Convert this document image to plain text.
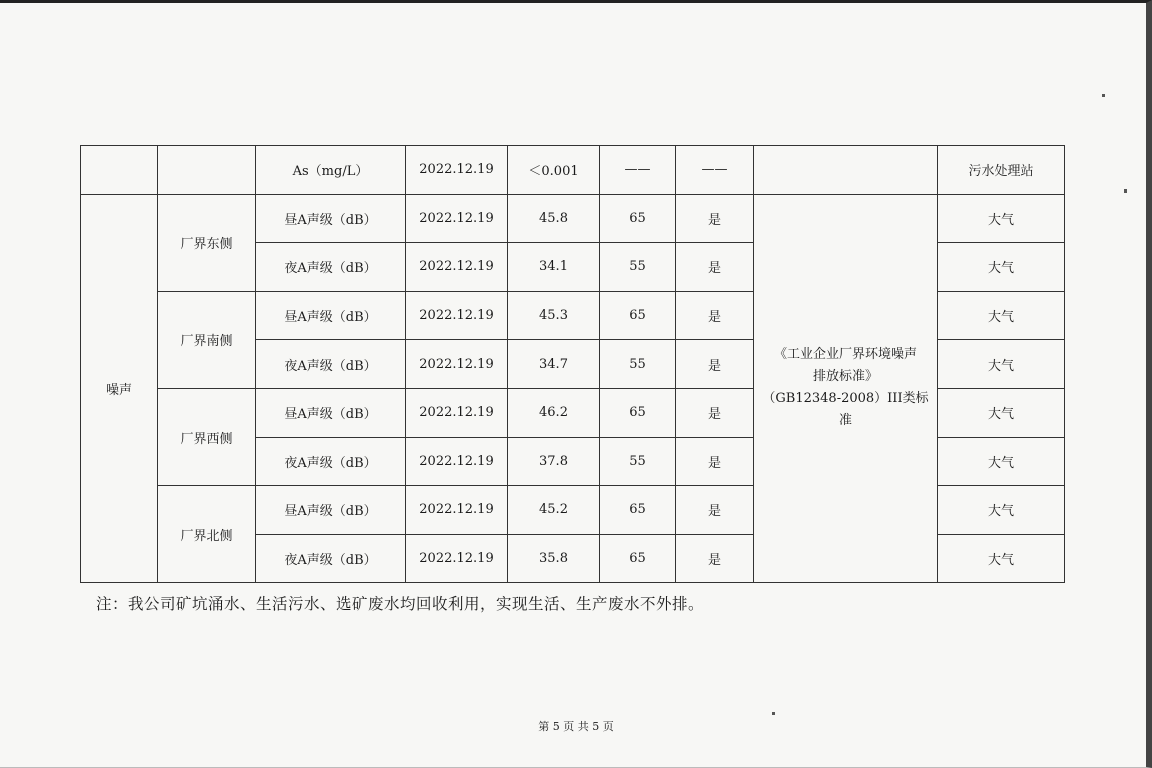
		As（mg/L）	2022.12.19	＜0.001	——	——		污水处理站
噪声	厂界东侧	昼A声级（dB）	2022.12.19	45.8	65	是	《工业企业厂界环境噪声
排放标准》
（GB12348-2008）III类标
准	大气
		夜A声级（dB）	2022.12.19	34.1	55	是		大气
	厂界南侧	昼A声级（dB）	2022.12.19	45.3	65	是		大气
		夜A声级（dB）	2022.12.19	34.7	55	是		大气
	厂界西侧	昼A声级（dB）	2022.12.19	46.2	65	是		大气
		夜A声级（dB）	2022.12.19	37.8	55	是		大气
	厂界北侧	昼A声级（dB）	2022.12.19	45.2	65	是		大气
		夜A声级（dB）	2022.12.19	35.8	65	是		大气
注：我公司矿坑涌水、生活污水、选矿废水均回收利用，实现生活、生产废水不外排。
第 5 页 共 5 页
